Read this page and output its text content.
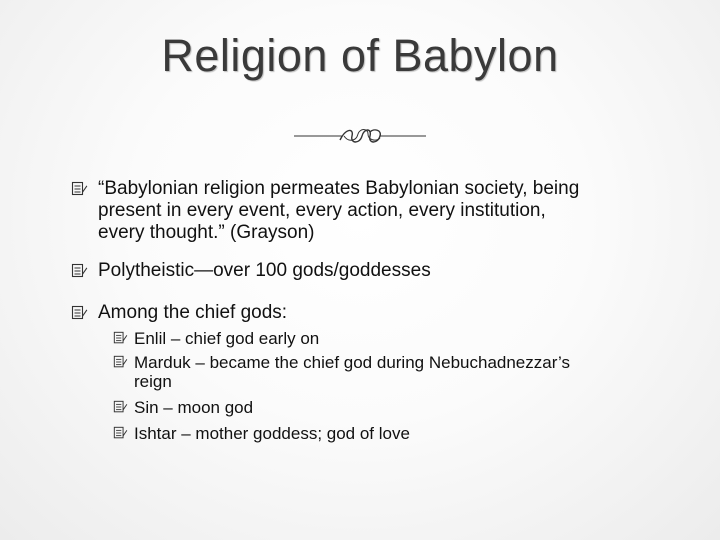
Religion of Babylon
“Babylonian religion permeates Babylonian society, being
present in every event, every action, every institution,
every thought.” (Grayson)
Polytheistic—over 100 gods/goddesses
Among the chief gods:
Enlil – chief god early on
Marduk – became the chief god during Nebuchadnezzar’s
reign
Sin – moon god
Ishtar – mother goddess; god of love
